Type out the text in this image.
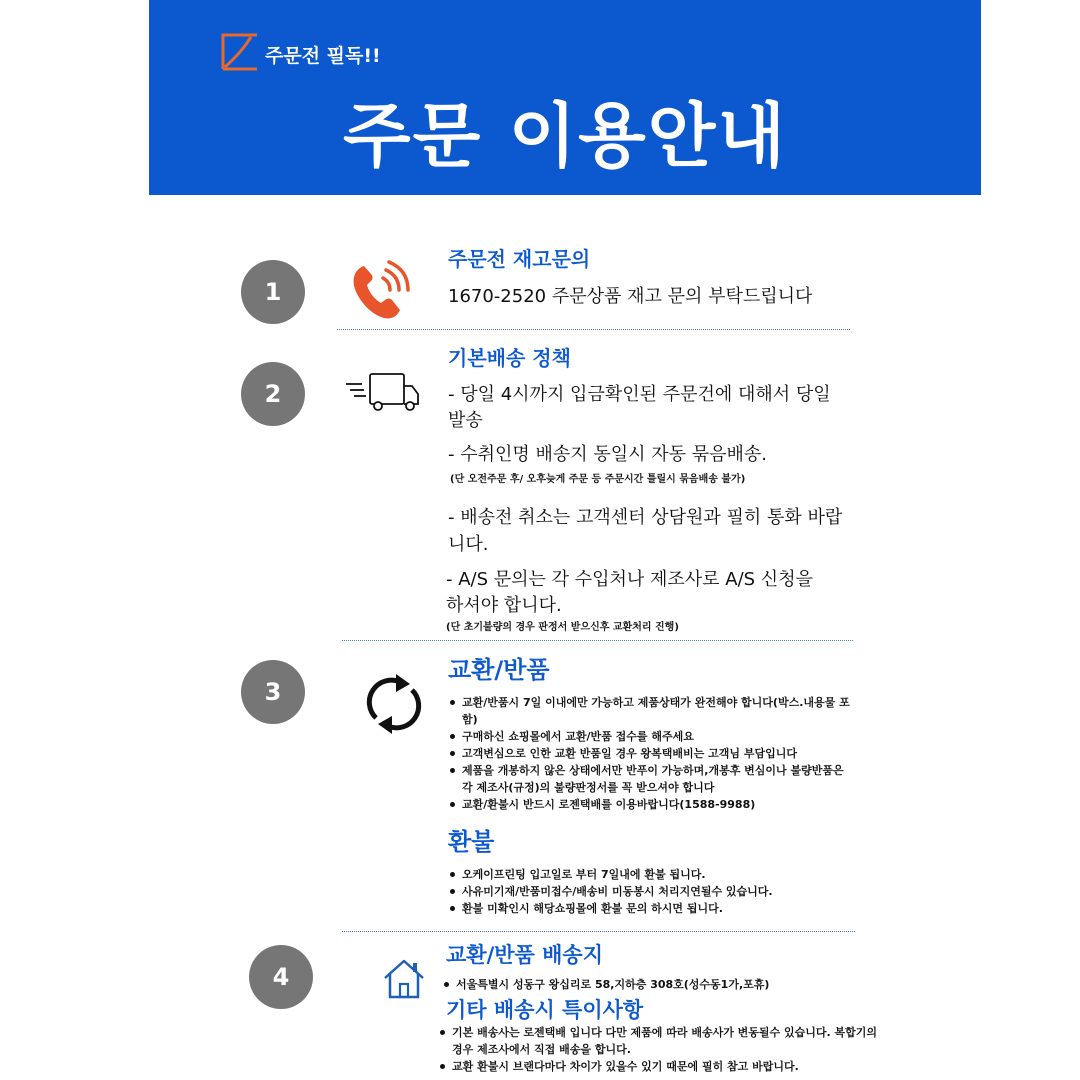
주문전 필독!!
주문 이용안내
1
주문전 재고문의
1670-2520 주문상품 재고 문의 부탁드립니다
2
기본배송 정책
- 당일 4시까지 입금확인된 주문건에 대해서 당일
발송
- 수취인명 배송지 동일시 자동 묶음배송.
(단 오전주문 후/ 오후늦게 주문 등 주문시간 틀릴시 묶음배송 불가)
- 배송전 취소는 고객센터 상담원과 필히 통화 바랍
니다.
- A/S 문의는 각 수입처나 제조사로 A/S 신청을
하셔야 합니다.
(단 초기불량의 경우 판정서 받으신후 교환처리 진행)
3
교환/반품
교환/반품시 7일 이내에만 가능하고 제품상태가 완전해야 합니다(박스.내용물 포함)
구매하신 쇼핑몰에서 교환/반품 접수를 해주세요
고객변심으로 인한 교환 반품일 경우 왕복택배비는 고객님 부담입니다
제품을 개봉하지 않은 상태에서만 반푸이 가능하며,개봉후 변심이나 불량반품은 각 제조사(규정)의 불량판정서를 꼭 받으셔야 합니다
교환/환불시 반드시 로젠택배를 이용바랍니다(1588-9988)
환불
오케이프린팅 입고일로 부터 7일내에 환불 됩니다.
사유미기재/반품미접수/배송비 미동봉시 처리지연될수 있습니다.
환불 미확인시 해당쇼핑몰에 환불 문의 하시면 됩니다.
4
교환/반품 배송지
서울특별시 성동구 왕십리로 58,지하층 308호(성수동1가,포휴)
기타 배송시 특이사항
기본 배송사는 로젠택배 입니다 다만 제품에 따라 배송사가 변동될수 있습니다. 복합기의 경우 제조사에서 직접 배송을 합니다.
교환 환불시 브랜다마다 차이가 있을수 있기 때문에 필히 참고 바랍니다.
